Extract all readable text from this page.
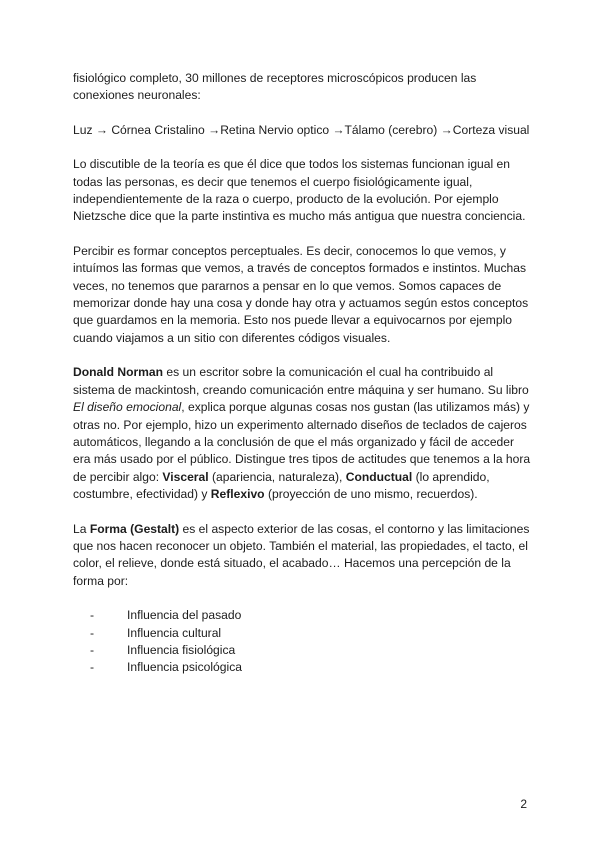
fisiológico completo, 30 millones de receptores microscópicos producen las conexiones neuronales:

Luz → Córnea Cristalino →Retina Nervio optico →Tálamo (cerebro) →Corteza visual

Lo discutible de la teoría es que él dice que todos los sistemas funcionan igual en todas las personas, es decir que tenemos el cuerpo fisiológicamente igual, independientemente de la raza o cuerpo, producto de la evolución. Por ejemplo Nietzsche dice que la parte instintiva es mucho más antigua que nuestra conciencia.

Percibir es formar conceptos perceptuales. Es decir, conocemos lo que vemos, y intuímos las formas que vemos, a través de conceptos formados e instintos. Muchas veces, no tenemos que pararnos a pensar en lo que vemos. Somos capaces de memorizar donde hay una cosa y donde hay otra y actuamos según estos conceptos que guardamos en la memoria. Esto nos puede llevar a equivocarnos por ejemplo cuando viajamos a un sitio con diferentes códigos visuales.

Donald Norman es un escritor sobre la comunicación el cual ha contribuido al sistema de mackintosh, creando comunicación entre máquina y ser humano. Su libro El diseño emocional, explica porque algunas cosas nos gustan (las utilizamos más) y otras no. Por ejemplo, hizo un experimento alternado diseños de teclados de cajeros automáticos, llegando a la conclusión de que el más organizado y fácil de acceder era más usado por el público. Distingue tres tipos de actitudes que tenemos a la hora de percibir algo: Visceral (apariencia, naturaleza), Conductual (lo aprendido, costumbre, efectividad) y Reflexivo (proyección de uno mismo, recuerdos).

La Forma (Gestalt) es el aspecto exterior de las cosas, el contorno y las limitaciones que nos hacen reconocer un objeto. También el material, las propiedades, el tacto, el color, el relieve, donde está situado, el acabado… Hacemos una percepción de la forma por:

-	Influencia del pasado
-	Influencia cultural
-	Influencia fisiológica
-	Influencia psicológica
2
